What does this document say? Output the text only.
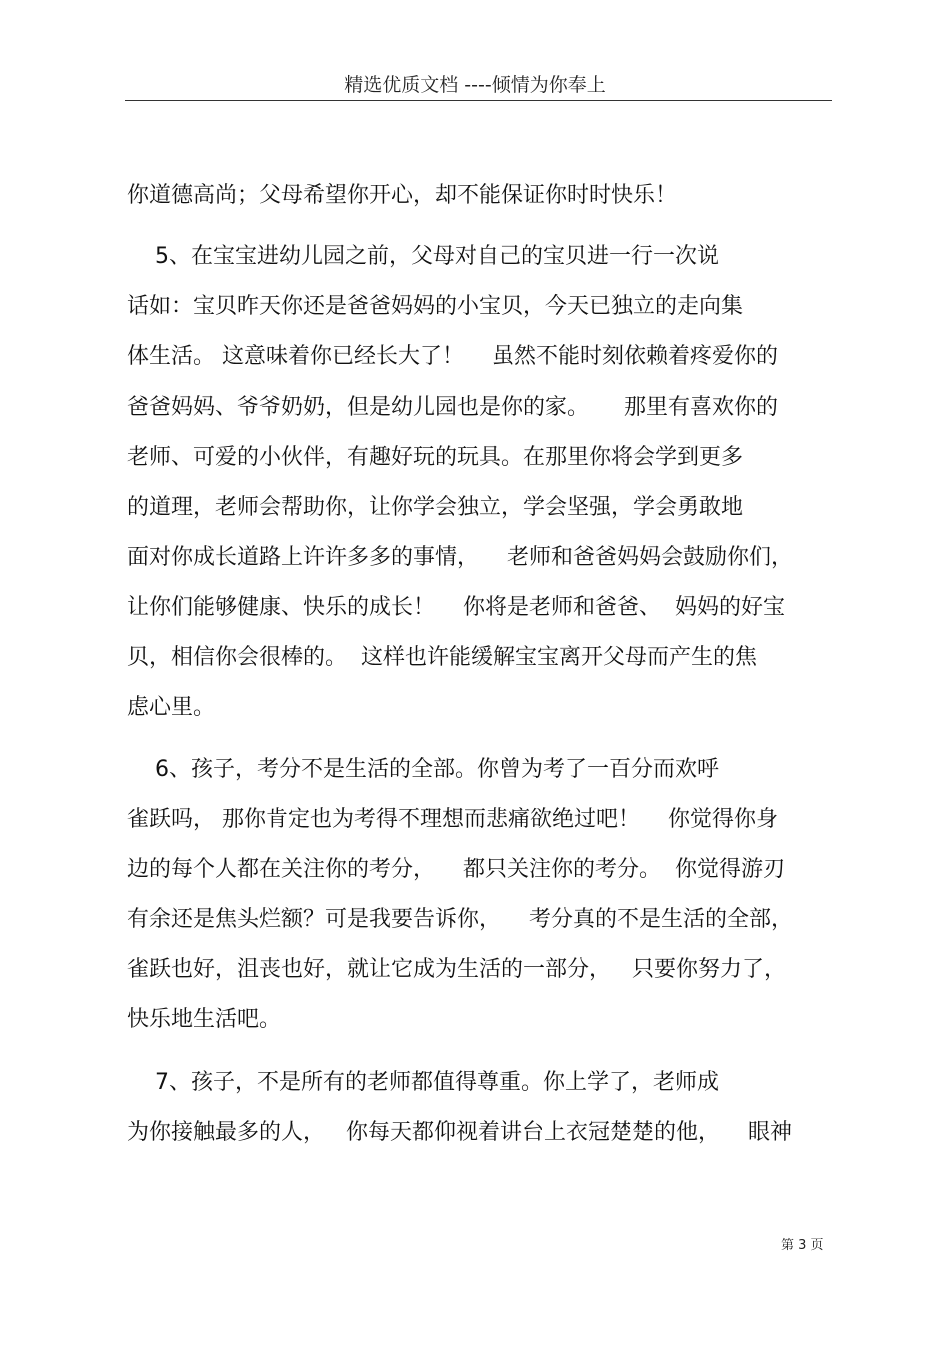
精选优质文档 ----倾情为你奉上
你道德高尚；父母希望你开心，却不能保证你时时快乐！
5、在宝宝进幼儿园之前，父母对自己的宝贝进一行一次说
话如：宝贝昨天你还是爸爸妈妈的小宝贝，今天已独立的走向集
体生活。 这意味着你已经长大了！    虽然不能时刻依赖着疼爱你的
爸爸妈妈、爷爷奶奶，但是幼儿园也是你的家。     那里有喜欢你的
老师、可爱的小伙伴，有趣好玩的玩具。在那里你将会学到更多
的道理，老师会帮助你，让你学会独立，学会坚强，学会勇敢地
面对你成长道路上许许多多的事情，    老师和爸爸妈妈会鼓励你们，
让你们能够健康、快乐的成长！    你将是老师和爸爸、  妈妈的好宝
贝，相信你会很棒的。  这样也许能缓解宝宝离开父母而产生的焦
虑心里。
6、孩子，考分不是生活的全部。你曾为考了一百分而欢呼
雀跃吗， 那你肯定也为考得不理想而悲痛欲绝过吧！    你觉得你身
边的每个人都在关注你的考分，    都只关注你的考分。  你觉得游刃
有余还是焦头烂额？可是我要告诉你，    考分真的不是生活的全部，
雀跃也好，沮丧也好，就让它成为生活的一部分，   只要你努力了，
快乐地生活吧。
7、孩子，不是所有的老师都值得尊重。你上学了，老师成
为你接触最多的人，   你每天都仰视着讲台上衣冠楚楚的他，    眼神
第 3 页
